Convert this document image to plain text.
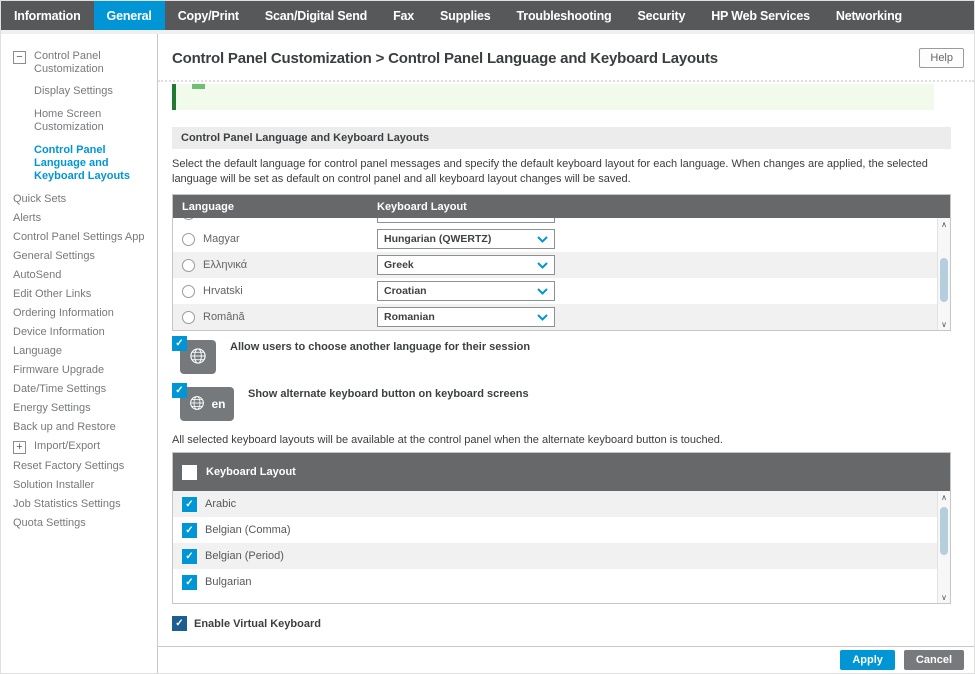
Information	General	Copy/Print	Scan/Digital Send	Fax	Supplies	Troubleshooting	Security	HP Web Services	Networking
− Control Panel Customization
Display Settings
Home Screen Customization
Control Panel Language and Keyboard Layouts
Quick Sets
Alerts
Control Panel Settings App
General Settings
AutoSend
Edit Other Links
Ordering Information
Device Information
Language
Firmware Upgrade
Date/Time Settings
Energy Settings
Back up and Restore
+ Import/Export
Reset Factory Settings
Solution Installer
Job Statistics Settings
Quota Settings
Control Panel Customization > Control Panel Language and Keyboard Layouts	Help
Control Panel Language and Keyboard Layouts
Select the default language for control panel messages and specify the default keyboard layout for each language. When changes are applied, the selected language will be set as default on control panel and all keyboard layout changes will be saved.
Language	Keyboard Layout
Magyar	Hungarian (QWERTZ)
Ελληνικά	Greek
Hrvatski	Croatian
Română	Romanian
∧
∨
✓	Allow users to choose another language for their session
✓
en
Show alternate keyboard button on keyboard screens
All selected keyboard layouts will be available at the control panel when the alternate keyboard button is touched.
Keyboard Layout
✓ Arabic
✓ Belgian (Comma)
✓ Belgian (Period)
✓ Bulgarian
∧
∨
✓ Enable Virtual Keyboard
Apply	Cancel
